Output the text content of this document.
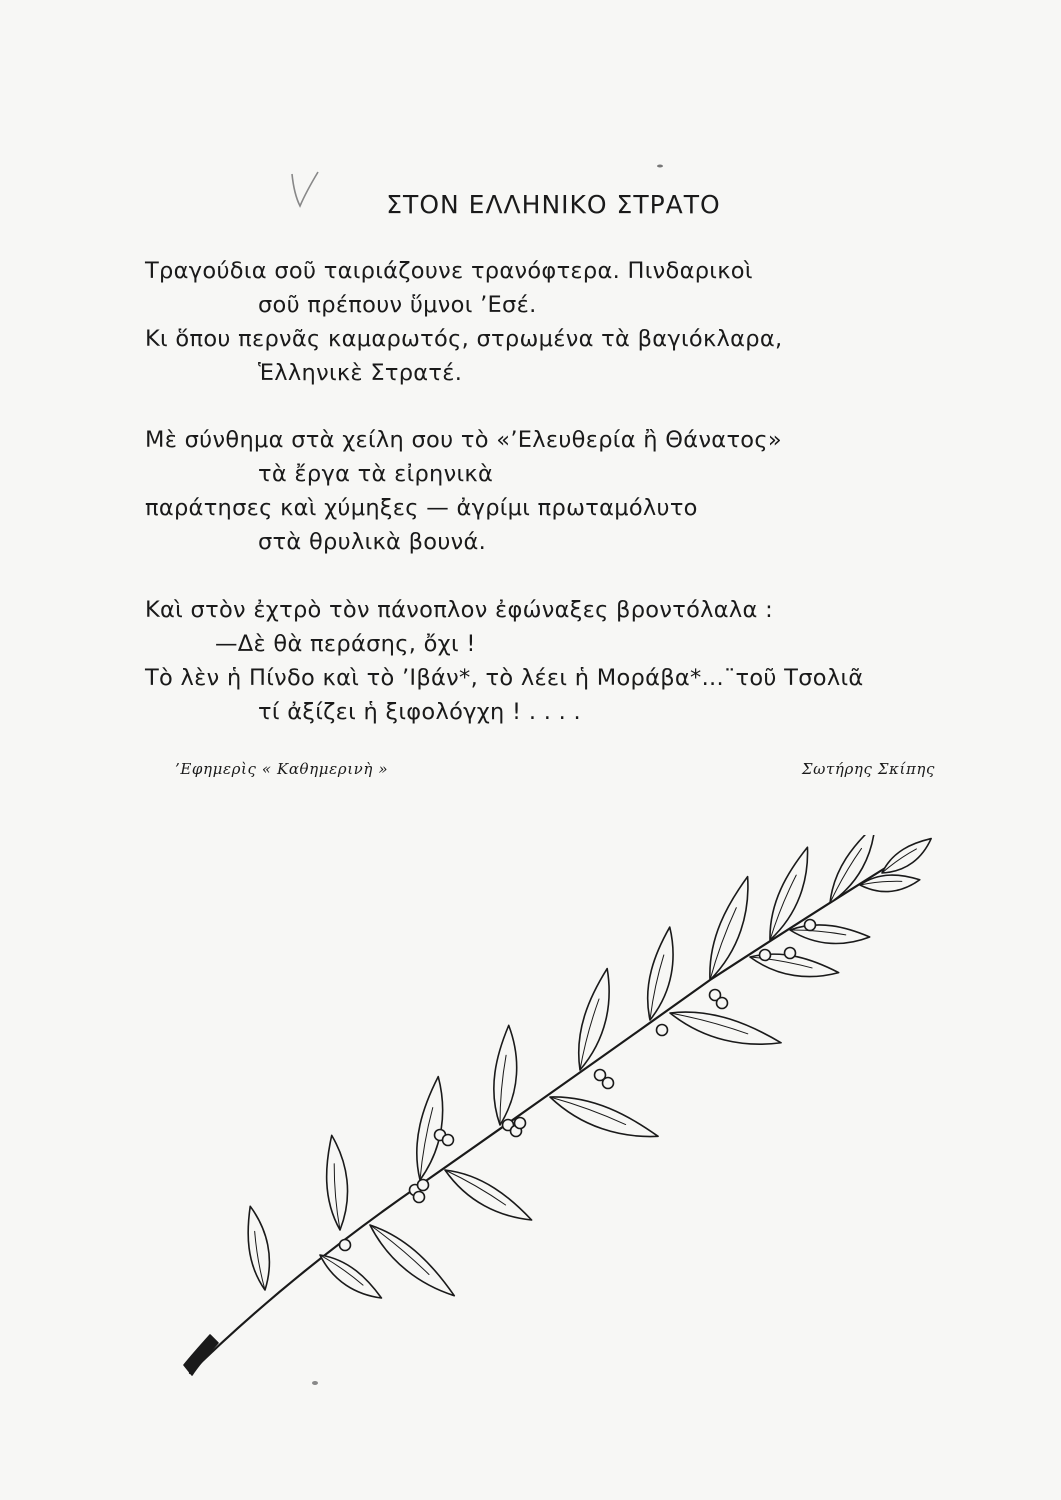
ΣΤΟΝ ΕΛΛΗΝΙΚΟ ΣΤΡΑΤΟ
Τραγούδια σοῦ ταιριάζουνε τρανόφτερα. Πινδαρικοὶ
σοῦ πρέπουν ὕμνοι ’Εσέ.
Κι ὅπου περνᾶς καμαρωτός, στρωμένα τὰ βαγιόκλαρα,
Ἑλληνικὲ Στρατέ.
Μὲ σύνθημα στὰ χείλη σου τὸ «’Ελευθερία ἢ Θάνατος»
τὰ ἔργα τὰ εἰρηνικὰ
παράτησες καὶ χύμηξες — ἀγρίμι πρωταμόλυτο
στὰ θρυλικὰ βουνά.
Καὶ στὸν ἐχτρὸ τὸν πάνοπλον ἐφώναξες βροντόλαλα :
—Δὲ θὰ περάσης, ὄχι !
Τὸ λὲν ἡ Πίνδο καὶ τὸ ’Ιβάν*, τὸ λέει ἡ Μοράβα*...¨τοῦ Τσολιᾶ
τί ἀξίζει ἡ ξιφολόγχη ! . . . .
’Εφημερὶς « Καθημερινὴ »	Σωτήρης Σκίπης
